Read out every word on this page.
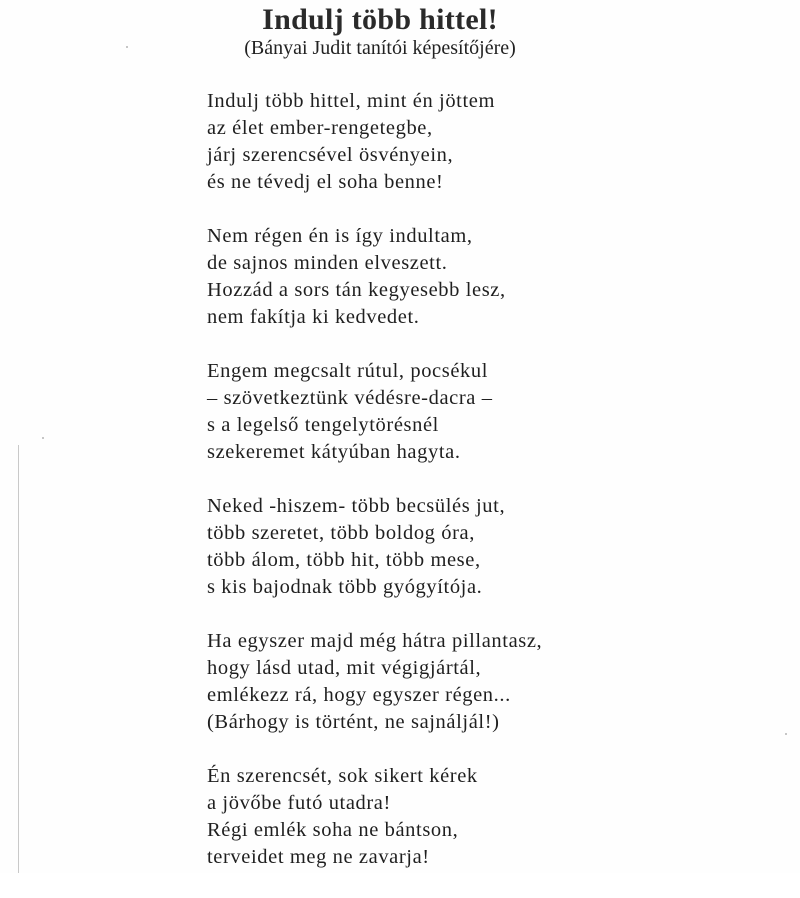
Indulj több hittel!
(Bányai Judit tanítói képesítőjére)
Indulj több hittel, mint én jöttem
az élet ember-rengetegbe,
járj szerencsével ösvényein,
és ne tévedj el soha benne!
Nem régen én is így indultam,
de sajnos minden elveszett.
Hozzád a sors tán kegyesebb lesz,
nem fakítja ki kedvedet.
Engem megcsalt rútul, pocsékul
– szövetkeztünk védésre-dacra –
s a legelső tengelytörésnél
szekeremet kátyúban hagyta.
Neked -hiszem- több becsülés jut,
több szeretet, több boldog óra,
több álom, több hit, több mese,
s kis bajodnak több gyógyítója.
Ha egyszer majd még hátra pillantasz,
hogy lásd utad, mit végigjártál,
emlékezz rá, hogy egyszer régen...
(Bárhogy is történt, ne sajnáljál!)
Én szerencsét, sok sikert kérek
a jövőbe futó utadra!
Régi emlék soha ne bántson,
terveidet meg ne zavarja!
